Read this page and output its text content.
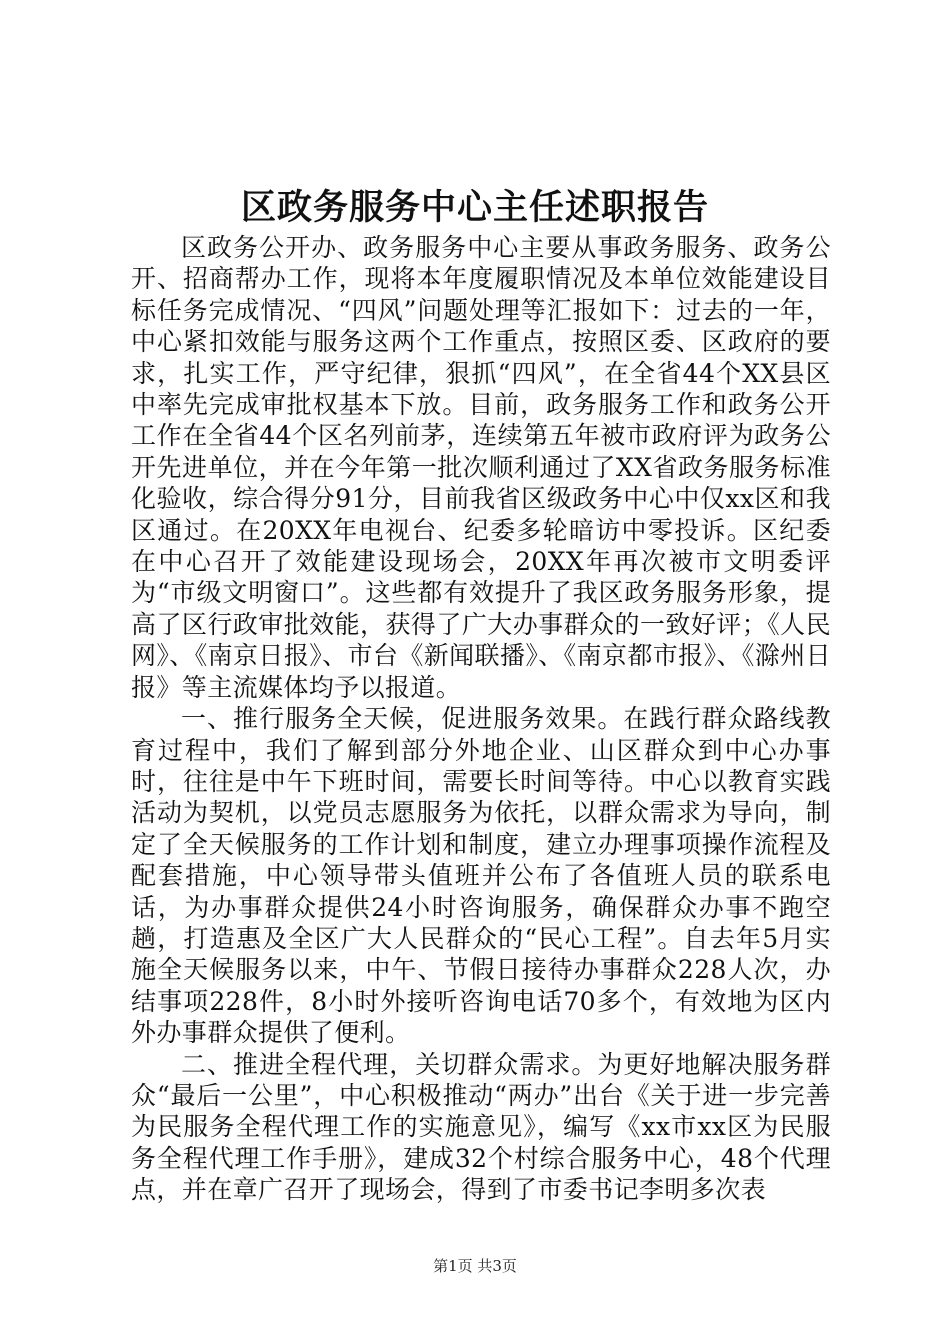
区政务服务中心主任述职报告

区政务公开办、政务服务中心主要从事政务服务、政务公开、招商帮办工作，现将本年度履职情况及本单位效能建设目标任务完成情况、“四风”问题处理等汇报如下：过去的一年，中心紧扣效能与服务这两个工作重点，按照区委、区政府的要求，扎实工作，严守纪律，狠抓“四风”，在全省44个XX县区中率先完成审批权基本下放。目前，政务服务工作和政务公开工作在全省44个区名列前茅，连续第五年被市政府评为政务公开先进单位，并在今年第一批次顺利通过了XX省政务服务标准化验收，综合得分91分，目前我省区级政务中心中仅xx区和我区通过。在20XX年电视台、纪委多轮暗访中零投诉。区纪委在中心召开了效能建设现场会，20XX年再次被市文明委评为“市级文明窗口”。这些都有效提升了我区政务服务形象，提高了区行政审批效能，获得了广大办事群众的一致好评；《人民网》、《南京日报》、市台《新闻联播》、《南京都市报》、《滁州日报》等主流媒体均予以报道。

一、推行服务全天候，促进服务效果。在践行群众路线教育过程中，我们了解到部分外地企业、山区群众到中心办事时，往往是中午下班时间，需要长时间等待。中心以教育实践活动为契机，以党员志愿服务为依托，以群众需求为导向，制定了全天候服务的工作计划和制度，建立办理事项操作流程及配套措施，中心领导带头值班并公布了各值班人员的联系电话，为办事群众提供24小时咨询服务，确保群众办事不跑空趟，打造惠及全区广大人民群众的“民心工程”。自去年5月实施全天候服务以来，中午、节假日接待办事群众228人次，办结事项228件，8小时外接听咨询电话70多个，有效地为区内外办事群众提供了便利。

二、推进全程代理，关切群众需求。为更好地解决服务群众“最后一公里”，中心积极推动“两办”出台《关于进一步完善为民服务全程代理工作的实施意见》，编写《xx市xx区为民服务全程代理工作手册》，建成32个村综合服务中心，48个代理点，并在章广召开了现场会，得到了市委书记李明多次表

第1页 共3页
